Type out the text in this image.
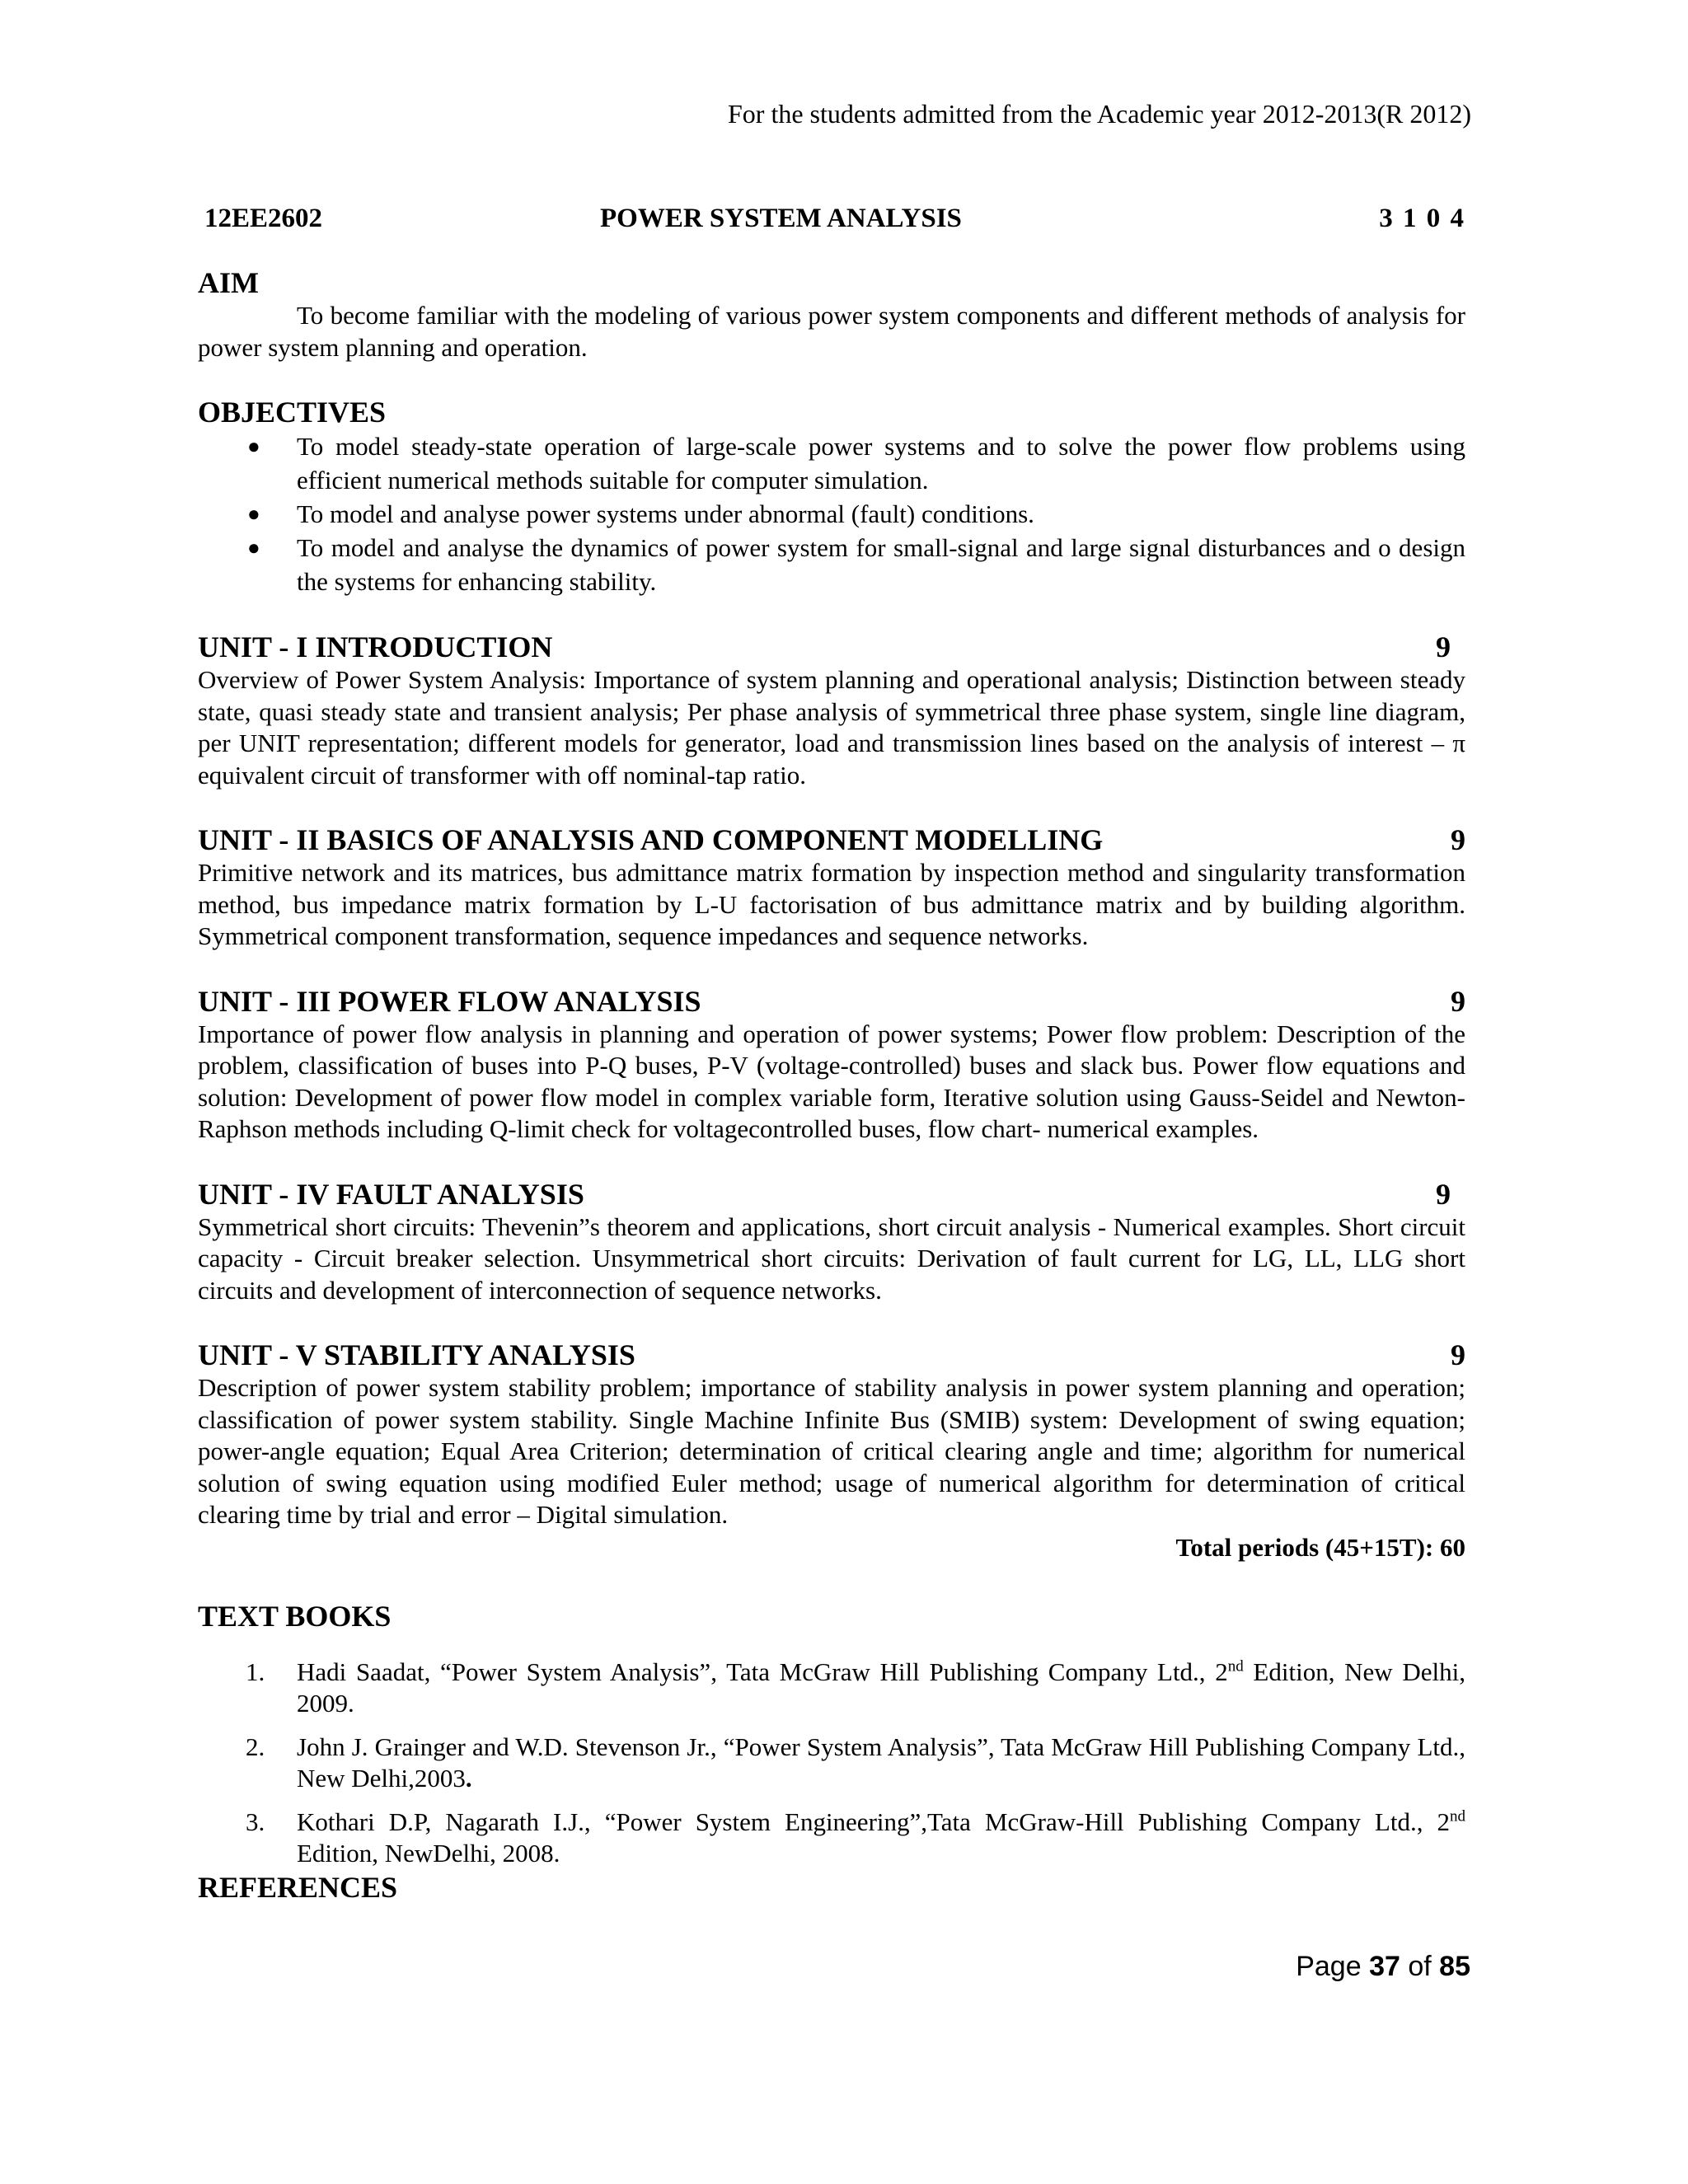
For the students admitted from the Academic year 2012-2013(R 2012)
12EE2602	POWER SYSTEM ANALYSIS	3 1 0 4
AIM

To become familiar with the modeling of various power system components and different methods of analysis for power system planning and operation.

OBJECTIVES
● To model steady-state operation of large-scale power systems and to solve the power flow problems using efficient numerical methods suitable for computer simulation.
● To model and analyse power systems under abnormal (fault) conditions.
● To model and analyse the dynamics of power system for small-signal and large signal disturbances and o design the systems for enhancing stability.
UNIT - I INTRODUCTION	9

Overview of Power System Analysis: Importance of system planning and operational analysis; Distinction between steady state, quasi steady state and transient analysis; Per phase analysis of symmetrical three phase system, single line diagram, per UNIT representation; different models for generator, load and transmission lines based on the analysis of interest – π equivalent circuit of transformer with off nominal-tap ratio.

UNIT - II BASICS OF ANALYSIS AND COMPONENT MODELLING	9

Primitive network and its matrices, bus admittance matrix formation by inspection method and singularity transformation method, bus impedance matrix formation by L-U factorisation of bus admittance matrix and by building algorithm. Symmetrical component transformation, sequence impedances and sequence networks.

UNIT - III POWER FLOW ANALYSIS	9

Importance of power flow analysis in planning and operation of power systems; Power flow problem: Description of the problem, classification of buses into P-Q buses, P-V (voltage-controlled) buses and slack bus. Power flow equations and solution: Development of power flow model in complex variable form, Iterative solution using Gauss-Seidel and Newton-Raphson methods including Q-limit check for voltagecontrolled buses, flow chart- numerical examples.

UNIT - IV FAULT ANALYSIS	9

Symmetrical short circuits: Thevenin”s theorem and applications, short circuit analysis - Numerical examples. Short circuit capacity - Circuit breaker selection. Unsymmetrical short circuits: Derivation of fault current for LG, LL, LLG short circuits and development of interconnection of sequence networks.

UNIT - V STABILITY ANALYSIS	9

Description of power system stability problem; importance of stability analysis in power system planning and operation; classification of power system stability. Single Machine Infinite Bus (SMIB) system: Development of swing equation; power-angle equation; Equal Area Criterion; determination of critical clearing angle and time; algorithm for numerical solution of swing equation using modified Euler method; usage of numerical algorithm for determination of critical clearing time by trial and error – Digital simulation.

Total periods (45+15T): 60

TEXT BOOKS
1. Hadi Saadat, “Power System Analysis”, Tata McGraw Hill Publishing Company Ltd., 2nd Edition, New Delhi, 2009.
2. John J. Grainger and W.D. Stevenson Jr., “Power System Analysis”, Tata McGraw Hill Publishing Company Ltd., New Delhi,2003.
3. Kothari D.P, Nagarath I.J., “Power System Engineering”,Tata McGraw-Hill Publishing Company Ltd., 2nd Edition, NewDelhi, 2008.
REFERENCES
Page 37 of 85
